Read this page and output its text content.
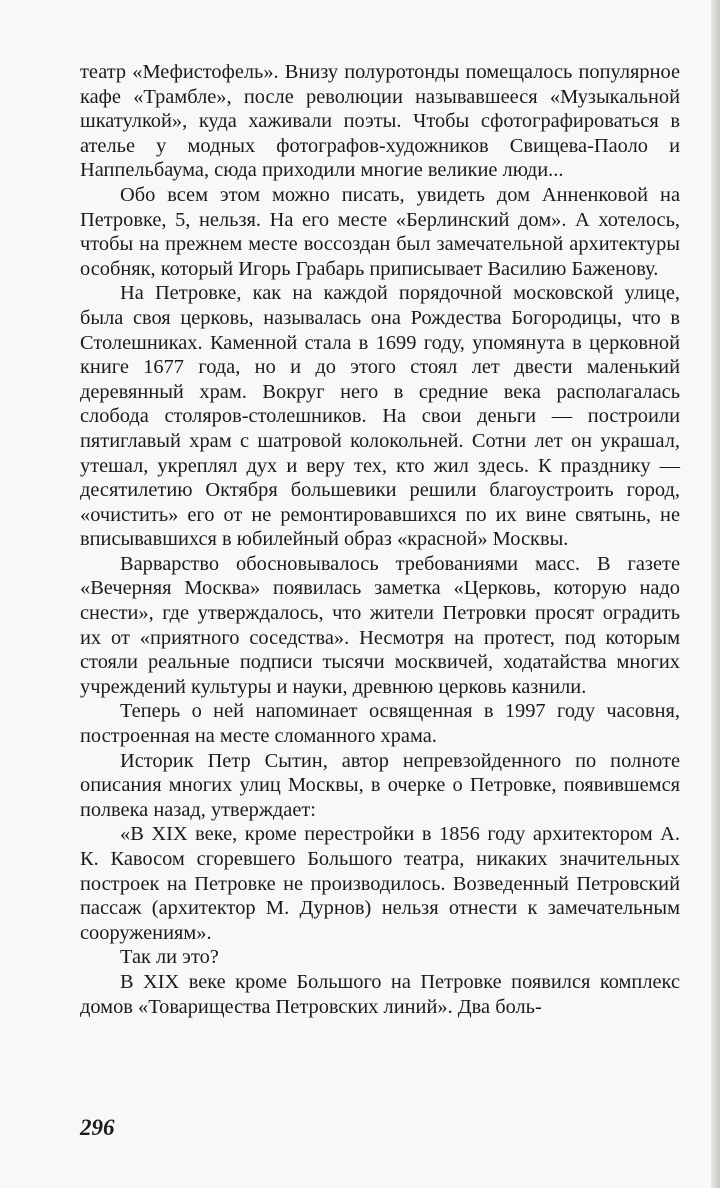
театр «Мефистофель». Внизу полуротонды помещалось популярное кафе «Трамбле», после революции называвшееся «Музыкальной шкатулкой», куда хаживали поэты. Чтобы сфотографироваться в ателье у модных фотографов-художников Свищева-Паоло и Наппельбаума, сюда приходили многие великие люди...

Обо всем этом можно писать, увидеть дом Анненковой на Петровке, 5, нельзя. На его месте «Берлинский дом». А хотелось, чтобы на прежнем месте воссоздан был замечательной архитектуры особняк, который Игорь Грабарь приписывает Василию Баженову.

На Петровке, как на каждой порядочной московской улице, была своя церковь, называлась она Рождества Богородицы, что в Столешниках. Каменной стала в 1699 году, упомянута в церковной книге 1677 года, но и до этого стоял лет двести маленький деревянный храм. Вокруг него в средние века располагалась слобода столяров-столешников. На свои деньги — построили пятиглавый храм с шатровой колокольней. Сотни лет он украшал, утешал, укреплял дух и веру тех, кто жил здесь. К празднику — десятилетию Октября большевики решили благоустроить город, «очистить» его от не ремонтировавшихся по их вине святынь, не вписывавшихся в юбилейный образ «красной» Москвы.

Варварство обосновывалось требованиями масс. В газете «Вечерняя Москва» появилась заметка «Церковь, которую надо снести», где утверждалось, что жители Петровки просят оградить их от «приятного соседства». Несмотря на протест, под которым стояли реальные подписи тысячи москвичей, ходатайства многих учреждений культуры и науки, древнюю церковь казнили.

Теперь о ней напоминает освященная в 1997 году часовня, построенная на месте сломанного храма.

Историк Петр Сытин, автор непревзойденного по полноте описания многих улиц Москвы, в очерке о Петровке, появившемся полвека назад, утверждает:

«В XIX веке, кроме перестройки в 1856 году архитектором А. К. Кавосом сгоревшего Большого театра, никаких значительных построек на Петровке не производилось. Возведенный Петровский пассаж (архитектор М. Дурнов) нельзя отнести к замечательным сооружениям».

Так ли это?

В XIX веке кроме Большого на Петровке появился комплекс домов «Товарищества Петровских линий». Два боль-

296
